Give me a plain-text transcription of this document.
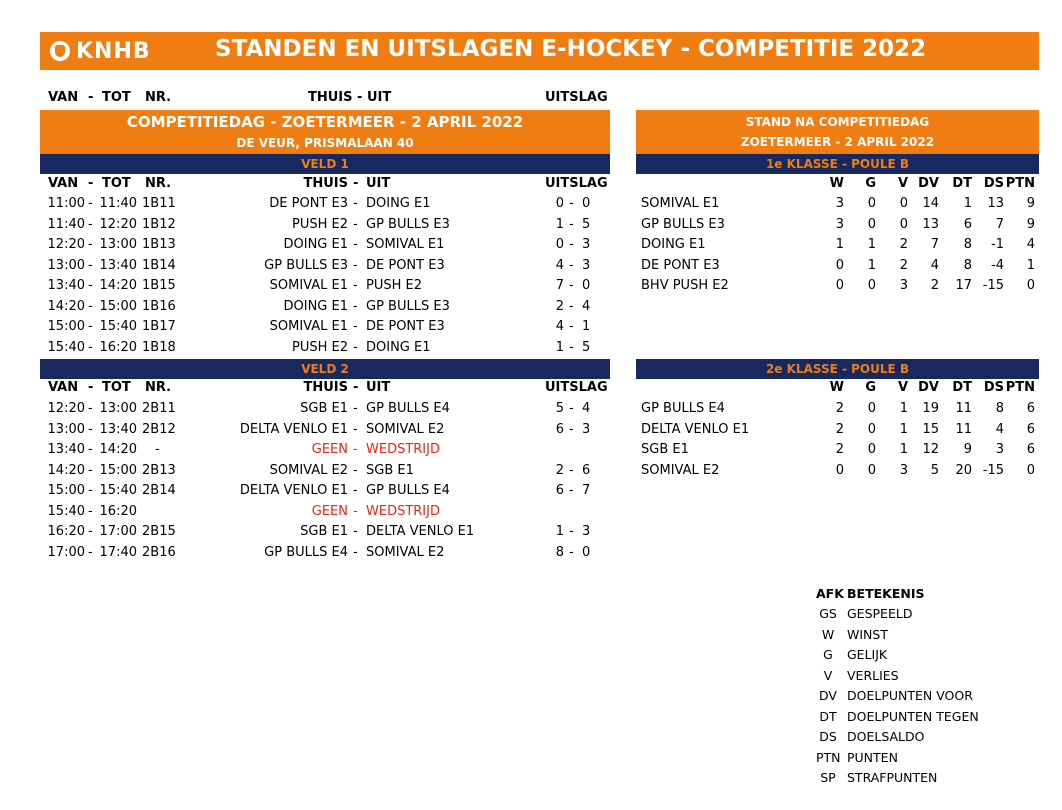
KNHB	STANDEN EN UITSLAGEN E-HOCKEY - COMPETITIE 2022
VAN - TOT NR.	THUIS - UIT	UITSLAG
COMPETITIEDAG - ZOETERMEER - 2 APRIL 2022
DE VEUR, PRISMALAAN 40
VELD 1
VAN - TOT NR.	THUIS - UIT	UITSLAG
11:00 - 11:40 1B11	DE PONT E3 - DOING E1	0 - 0
11:40 - 12:20 1B12	PUSH E2 - GP BULLS E3	1 - 5
12:20 - 13:00 1B13	DOING E1 - SOMIVAL E1	0 - 3
13:00 - 13:40 1B14	GP BULLS E3 - DE PONT E3	4 - 3
13:40 - 14:20 1B15	SOMIVAL E1 - PUSH E2	7 - 0
14:20 - 15:00 1B16	DOING E1 - GP BULLS E3	2 - 4
15:00 - 15:40 1B17	SOMIVAL E1 - DE PONT E3	4 - 1
15:40 - 16:20 1B18	PUSH E2 - DOING E1	1 - 5
VELD 2
VAN - TOT NR.	THUIS - UIT	UITSLAG
12:20 - 13:00 2B11	SGB E1 - GP BULLS E4	5 - 4
13:00 - 13:40 2B12	DELTA VENLO E1 - SOMIVAL E2	6 - 3
13:40 - 14:20 -	GEEN - WEDSTRIJD
14:20 - 15:00 2B13	SOMIVAL E2 - SGB E1	2 - 6
15:00 - 15:40 2B14	DELTA VENLO E1 - GP BULLS E4	6 - 7
15:40 - 16:20	GEEN - WEDSTRIJD
16:20 - 17:00 2B15	SGB E1 - DELTA VENLO E1	1 - 3
17:00 - 17:40 2B16	GP BULLS E4 - SOMIVAL E2	8 - 0
STAND NA COMPETITIEDAG
ZOETERMEER - 2 APRIL 2022
1e KLASSE - POULE B
W G V DV DT DS PTN
SOMIVAL E1	3 0 0 14 1 13 9
GP BULLS E3	3 0 0 13 6 7 9
DOING E1	1 1 2 7 8 -1 4
DE PONT E3	0 1 2 4 8 -4 1
BHV PUSH E2	0 0 3 2 17 -15 0
2e KLASSE - POULE B
W G V DV DT DS PTN
GP BULLS E4	2 0 1 19 11 8 6
DELTA VENLO E1	2 0 1 15 11 4 6
SGB E1	2 0 1 12 9 3 6
SOMIVAL E2	0 0 3 5 20 -15 0
AFK BETEKENIS
GS GESPEELD
W	WINST
G	GELIJK
V	VERLIES
DV DOELPUNTEN VOOR
DT DOELPUNTEN TEGEN
DS DOELSALDO
PTN PUNTEN
SP STRAFPUNTEN
